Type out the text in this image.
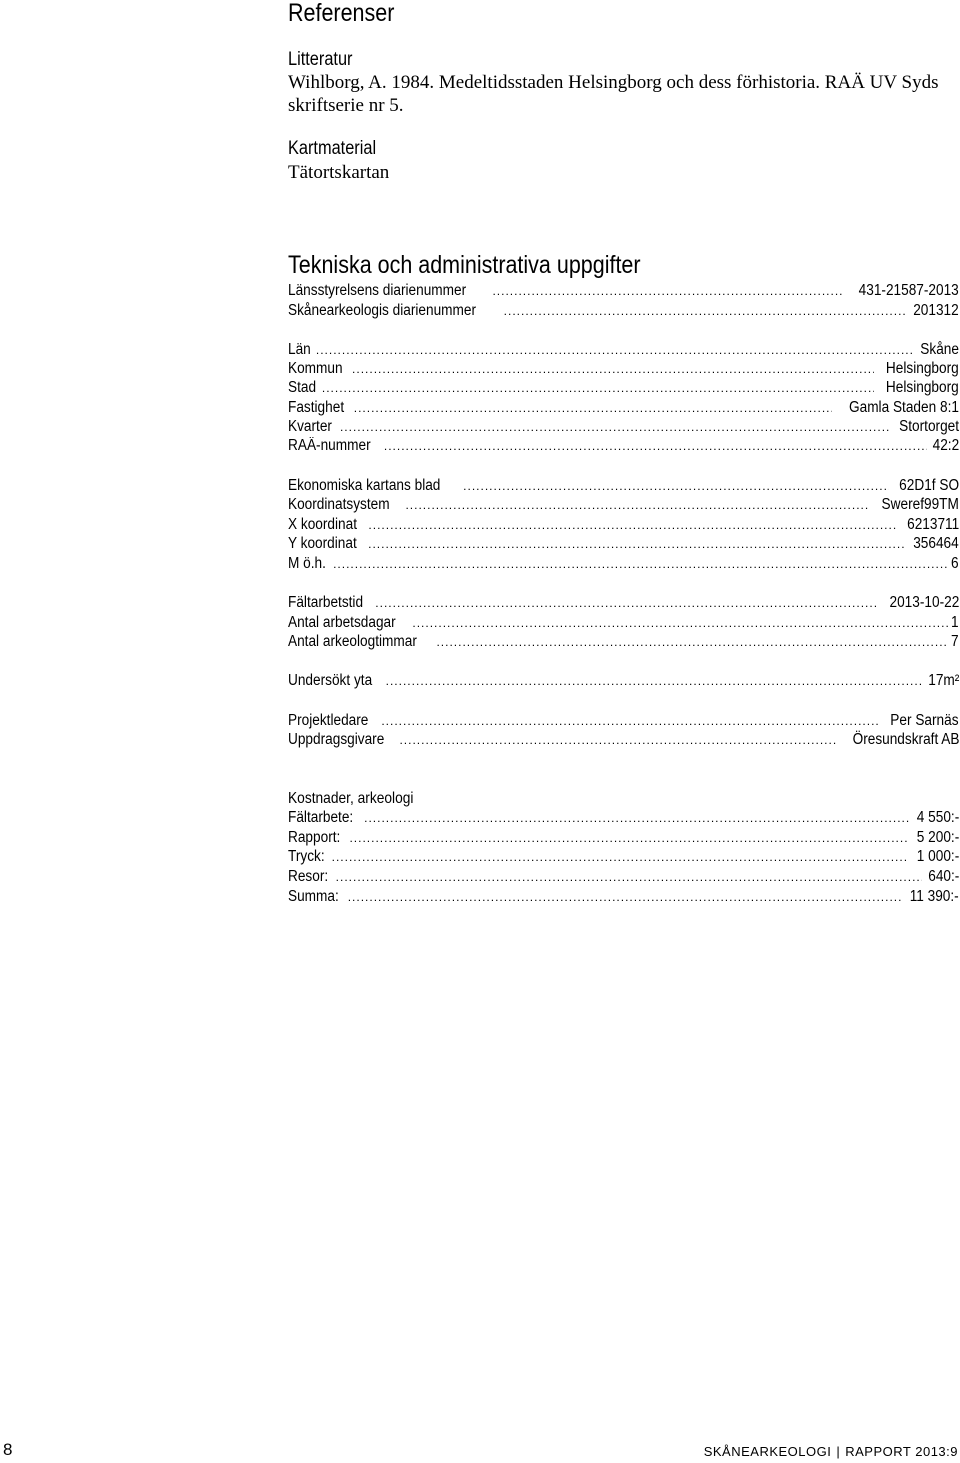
Referenser
Litteratur
Wihlborg, A. 1984. Medeltidsstaden Helsingborg och dess förhistoria. RAÄ UV Syds skriftserie nr 5.
Kartmaterial
Tätortskartan
Tekniska och administrativa uppgifter
Länsstyrelsens diarienummer .....	431-21587-2013
Skånearkeologis diarienummer .....	201312
Län .....	Skåne
Kommun .....	Helsingborg
Stad .....	Helsingborg
Fastighet .....	Gamla Staden 8:1
Kvarter .....	Stortorget
RAÄ-nummer .....	42:2
Ekonomiska kartans blad .....	62D1f SO
Koordinatsystem .....	Sweref99TM
X koordinat .....	6213711
Y koordinat .....	356464
M ö.h. .....	6
Fältarbetstid .....	2013-10-22
Antal arbetsdagar .....	1
Antal arkeologtimmar .....	7
Undersökt yta .....	17m²
Projektledare .....	Per Sarnäs
Uppdragsgivare .....	Öresundskraft AB
Kostnader, arkeologi
Fältarbete: .....	4 550:-
Rapport: .....	5 200:-
Tryck: .....	1 000:-
Resor: .....	640:-
Summa: .....	11 390:-
8	SKÅNEARKEOLOGI | RAPPORT 2013:9
